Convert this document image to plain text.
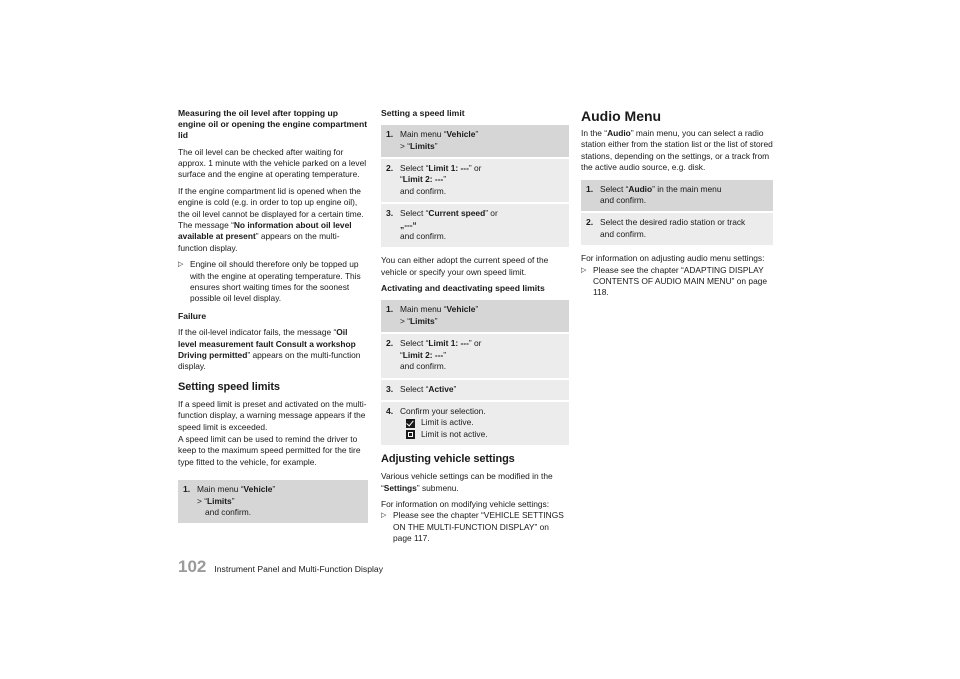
Measuring the oil level after topping up engine oil or opening the engine compartment lid

The oil level can be checked after waiting for approx. 1 minute with the vehicle parked on a level surface and the engine at operating temperature.

If the engine compartment lid is opened when the engine is cold (e.g. in order to top up engine oil), the oil level cannot be displayed for a certain time. The message “No information about oil level available at present” appears on the multi-function display.

▷ Engine oil should therefore only be topped up with the engine at operating temperature. This ensures short waiting times for the soonest possible oil level display.
Failure

If the oil-level indicator fails, the message “Oil level measurement fault Consult a workshop Driving permitted” appears on the multi-function display.

Setting speed limits

If a speed limit is preset and activated on the multi-function display, a warning message appears if the speed limit is exceeded.

A speed limit can be used to remind the driver to keep to the maximum speed permitted for the tire type fitted to the vehicle, for example.

1. Main menu “Vehicle”
> “Limits”
and confirm.
Setting a speed limit
1. Main menu “Vehicle”
> “Limits”
2. Select “Limit 1: ---” or
“Limit 2: ---”
and confirm.
3. Select “Current speed” or
„---“
and confirm.

You can either adopt the current speed of the vehicle or specify your own speed limit.

Activating and deactivating speed limits
1. Main menu “Vehicle”
> “Limits”
2. Select “Limit 1: ---” or
“Limit 2: ---”
and confirm.
3. Select “Active”
4. Confirm your selection.
Limit is active.
Limit is not active.
Adjusting vehicle settings

Various vehicle settings can be modified in the “Settings” submenu.

For information on modifying vehicle settings:

▷ Please see the chapter “VEHICLE SETTINGS ON THE MULTI-FUNCTION DISPLAY” on page 117.
Audio Menu

In the “Audio” main menu, you can select a radio station either from the station list or the list of stored stations, depending on the settings, or a track from the active audio source, e.g. disk.

1. Select “Audio” in the main menu
and confirm.
2. Select the desired radio station or track
and confirm.

For information on adjusting audio menu settings:

▷ Please see the chapter “ADAPTING DISPLAY CONTENTS OF AUDIO MAIN MENU” on page 118.
102 Instrument Panel and Multi-Function Display
